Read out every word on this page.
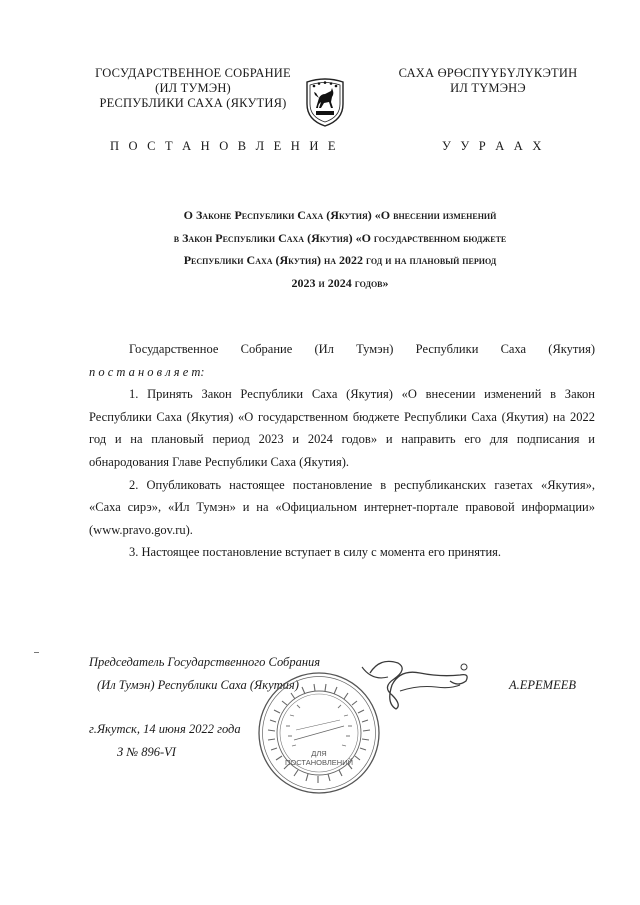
ГОСУДАРСТВЕННОЕ СОБРАНИЕ
(ИЛ ТУМЭН)
РЕСПУБЛИКИ САХА (ЯКУТИЯ)
САХА ӨРӨСПҮҮБҮЛҮКЭТИН
ИЛ ТҮМЭНЭ
П О С Т А Н О В Л Е Н И Е	У У Р А А Х
О Законе Республики Саха (Якутия) «О внесении изменений
в Закон Республики Саха (Якутия) «О государственном бюджете
Республики Саха (Якутия) на 2022 год и на плановый период
2023 и 2024 годов»
Государственное Собрание (Ил Тумэн) Республики Саха (Якутия)
п о с т а н о в л я е т:
1. Принять Закон Республики Саха (Якутия) «О внесении изменений в Закон Республики Саха (Якутия) «О государственном бюджете Республики Саха (Якутия) на 2022 год и на плановый период 2023 и 2024 годов» и направить его для подписания и обнародования Главе Республики Саха (Якутия).
2. Опубликовать настоящее постановление в республиканских газетах «Якутия», «Саха сирэ», «Ил Тумэн» и на «Официальном интернет-портале правовой информации» (www.pravo.gov.ru).
3. Настоящее постановление вступает в силу с момента его принятия.
Председатель Государственного Собрания
(Ил Тумэн) Республики Саха (Якутия)	А.ЕРЕМЕЕВ
г.Якутск, 14 июня 2022 года
З № 896-VI	ДЛЯ
ПОСТАНОВЛЕНИЙ
